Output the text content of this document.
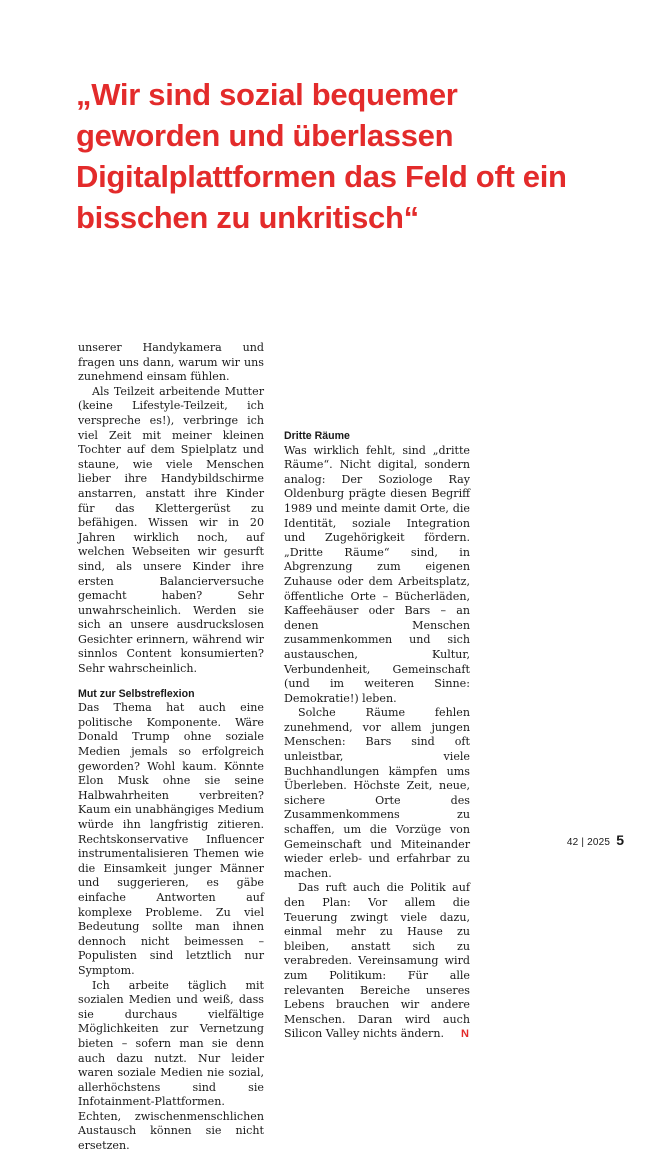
„Wir sind sozial bequemer geworden und überlassen Digitalplattformen das Feld oft ein bisschen zu unkritisch“

unserer Handykamera und fragen uns dann, warum wir uns zunehmend einsam fühlen.

Als Teilzeit arbeitende Mutter (keine Lifestyle-Teilzeit, ich verspreche es!), verbringe ich viel Zeit mit meiner kleinen Tochter auf dem Spielplatz und staune, wie viele Menschen lieber ihre Handybildschirme anstarren, anstatt ihre Kinder für das Klettergerüst zu befähigen. Wissen wir in 20 Jahren wirklich noch, auf welchen Webseiten wir gesurft sind, als unsere Kinder ihre ersten Balancierversuche gemacht haben? Sehr unwahrscheinlich. Werden sie sich an unsere ausdruckslosen Gesichter erinnern, während wir sinnlos Content konsumierten? Sehr wahrscheinlich.

Mut zur Selbstreflexion

Das Thema hat auch eine politische Komponente. Wäre Donald Trump ohne soziale Medien jemals so erfolgreich geworden? Wohl kaum. Könnte Elon Musk ohne sie seine Halbwahrheiten verbreiten? Kaum ein unabhängiges Medium würde ihn langfristig zitieren. Rechtskonservative Influencer instrumentalisieren Themen wie die Einsamkeit junger Männer und suggerieren, es gäbe einfache Antworten auf komplexe Probleme. Zu viel Bedeutung sollte man ihnen dennoch nicht beimessen – Populisten sind letztlich nur Symptom.

Ich arbeite täglich mit sozialen Medien und weiß, dass sie durchaus vielfältige Möglichkeiten zur Vernetzung bieten – sofern man sie denn auch dazu nutzt. Nur leider waren soziale Medien nie sozial, allerhöchstens sind sie Infotainment-Plattformen. Echten, zwischenmenschlichen Austausch können sie nicht ersetzen.

Dritte Räume

Was wirklich fehlt, sind „dritte Räume“. Nicht digital, sondern analog: Der Soziologe Ray Oldenburg prägte diesen Begriff 1989 und meinte damit Orte, die Identität, soziale Integration und Zugehörigkeit fördern. „Dritte Räume“ sind, in Abgrenzung zum eigenen Zuhause oder dem Arbeitsplatz, öffentliche Orte – Bücherläden, Kaffeehäuser oder Bars – an denen Menschen zusammenkommen und sich austauschen, Kultur, Verbundenheit, Gemeinschaft (und im weiteren Sinne: Demokratie!) leben.

Solche Räume fehlen zunehmend, vor allem jungen Menschen: Bars sind oft unleistbar, viele Buchhandlungen kämpfen ums Überleben. Höchste Zeit, neue, sichere Orte des Zusammenkommens zu schaffen, um die Vorzüge von Gemeinschaft und Miteinander wieder erleb- und erfahrbar zu machen.

Das ruft auch die Politik auf den Plan: Vor allem die Teuerung zwingt viele dazu, einmal mehr zu Hause zu bleiben, anstatt sich zu verabreden. Vereinsamung wird zum Politikum: Für alle relevanten Bereiche unseres Lebens brauchen wir andere Menschen. Daran wird auch Silicon Valley nichts ändern. N

42 | 2025 5
